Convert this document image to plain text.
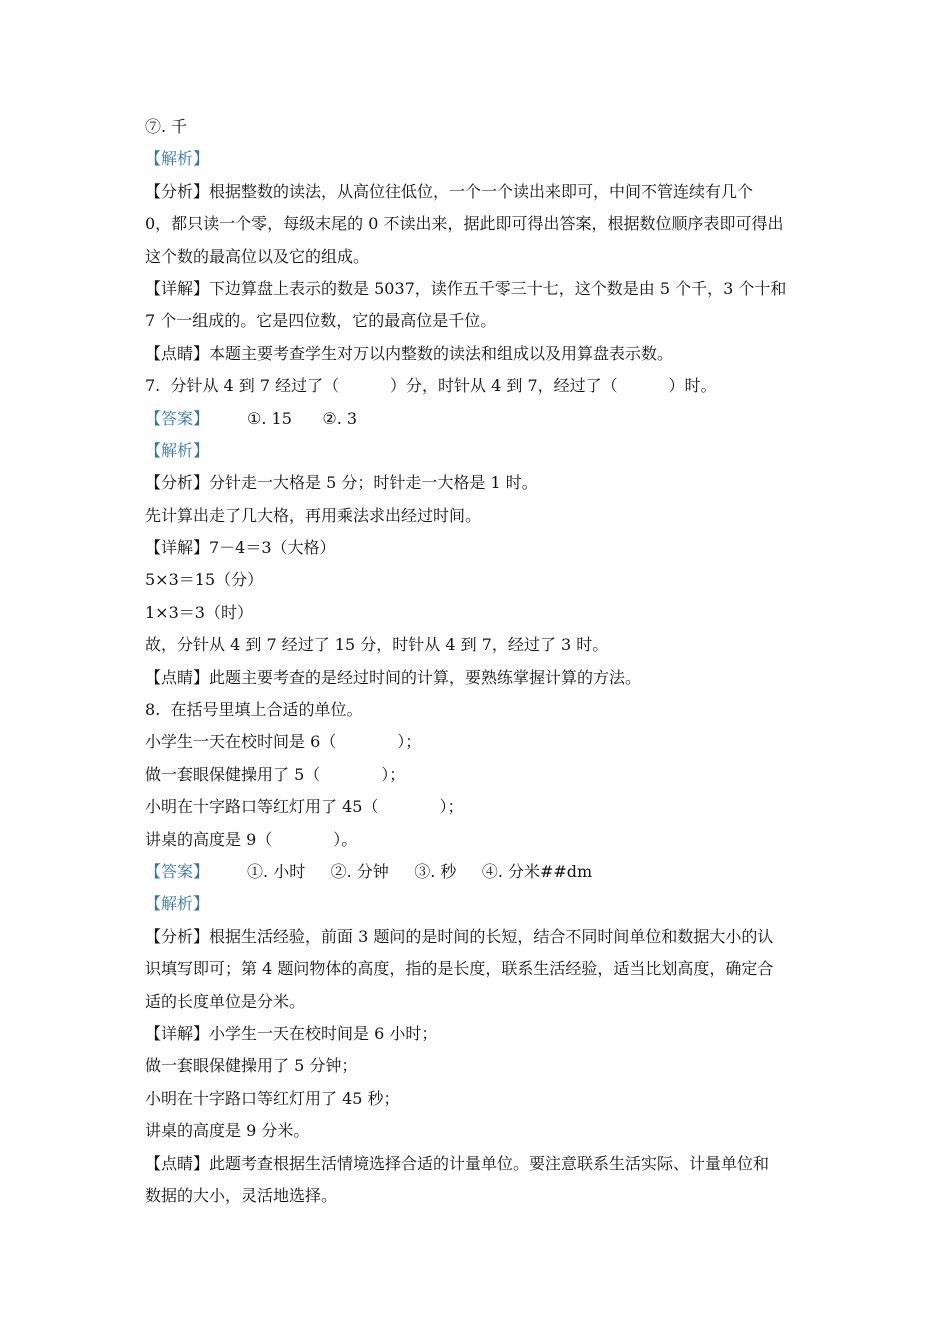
⑦. 千
【解析】
【分析】根据整数的读法，从高位往低位，一个一个读出来即可，中间不管连续有几个
0，都只读一个零，每级末尾的 0 不读出来，据此即可得出答案，根据数位顺序表即可得出
这个数的最高位以及它的组成。
【详解】下边算盘上表示的数是 5037，读作五千零三十七，这个数是由 5 个千，3 个十和
7 个一组成的。它是四位数，它的最高位是千位。
【点睛】本题主要考查学生对万以内整数的读法和组成以及用算盘表示数。
7.  分针从 4 到 7 经过了（          ）分，时针从 4 到 7，经过了（          ）时。
【答案】 ①. 15      ②. 3
【解析】
【分析】分针走一大格是 5 分；时针走一大格是 1 时。
先计算出走了几大格，再用乘法求出经过时间。
【详解】7－4＝3（大格）
5×3＝15（分）
1×3＝3（时）
故，分针从 4 到 7 经过了 15 分，时针从 4 到 7，经过了 3 时。
【点睛】此题主要考查的是经过时间的计算，要熟练掌握计算的方法。
8.  在括号里填上合适的单位。
小学生一天在校时间是 6（            ）；
做一套眼保健操用了 5（            ）；
小明在十字路口等红灯用了 45（            ）；
讲桌的高度是 9（            ）。
【答案】 ①. 小时     ②. 分钟     ③. 秒     ④. 分米##dm
【解析】
【分析】根据生活经验，前面 3 题问的是时间的长短，结合不同时间单位和数据大小的认
识填写即可；第 4 题问物体的高度，指的是长度，联系生活经验，适当比划高度，确定合
适的长度单位是分米。
【详解】小学生一天在校时间是 6 小时；
做一套眼保健操用了 5 分钟；
小明在十字路口等红灯用了 45 秒；
讲桌的高度是 9 分米。
【点睛】此题考查根据生活情境选择合适的计量单位。要注意联系生活实际、计量单位和
数据的大小，灵活地选择。
